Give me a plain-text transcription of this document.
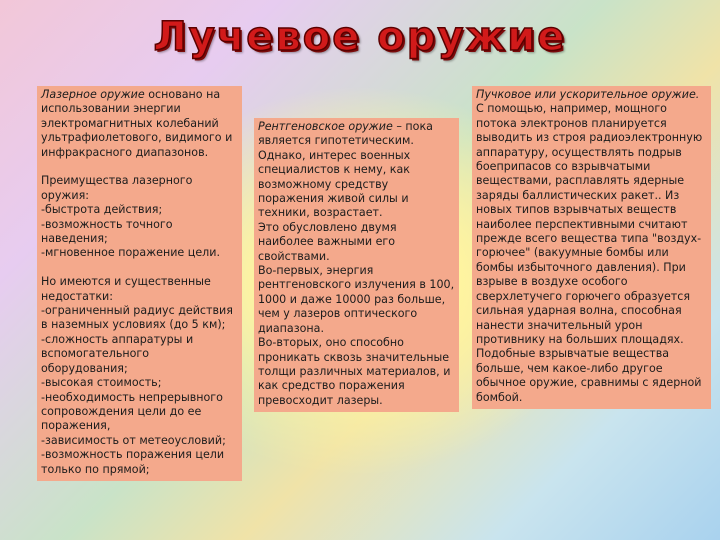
Лучевое оружие

Лазерное оружие основано на использовании энергии электромагнитных колебаний ультрафиолетового, видимого и инфракрасного диапазонов.

Преимущества лазерного оружия:

-быстрота действия;

-возможность точного наведения;

-мгновенное поражение цели.

Но имеются и существенные недостатки:

-ограниченный радиус действия в наземных условиях (до 5 км);

-сложность аппаратуры и вспомогательного оборудования;

-высокая стоимость;

-необходимость непрерывного сопровождения цели до ее поражения,

-зависимость от метеоусловий;

-возможность поражения цели только по прямой;

Рентгеновское оружие – пока является гипотетическим. Однако, интерес военных специалистов к нему, как возможному средству поражения живой силы и техники, возрастает.

Это обусловлено двумя наиболее важными его свойствами.

Во-первых, энергия рентгеновского излучения в 100, 1000 и даже 10000 раз больше, чем у лазеров оптического диапазона.

Во-вторых, оно способно проникать сквозь значительные толщи различных материалов, и как средство поражения превосходит лазеры.

Пучковое или ускорительное оружие.

С помощью, например, мощного потока электронов планируется выводить из строя радиоэлектронную аппаратуру, осуществлять подрыв боеприпасов со взрывчатыми веществами, расплавлять ядерные заряды баллистических ракет.. Из новых типов взрывчатых веществ наиболее перспективными считают прежде всего вещества типа "воздух-горючее" (вакуумные бомбы или бомбы избыточного давления). При взрыве в воздухе особого сверхлетучего горючего образуется сильная ударная волна, способная нанести значительный урон противнику на больших площадях. Подобные взрывчатые вещества больше, чем какое-либо другое обычное оружие, сравнимы с ядерной бомбой.
